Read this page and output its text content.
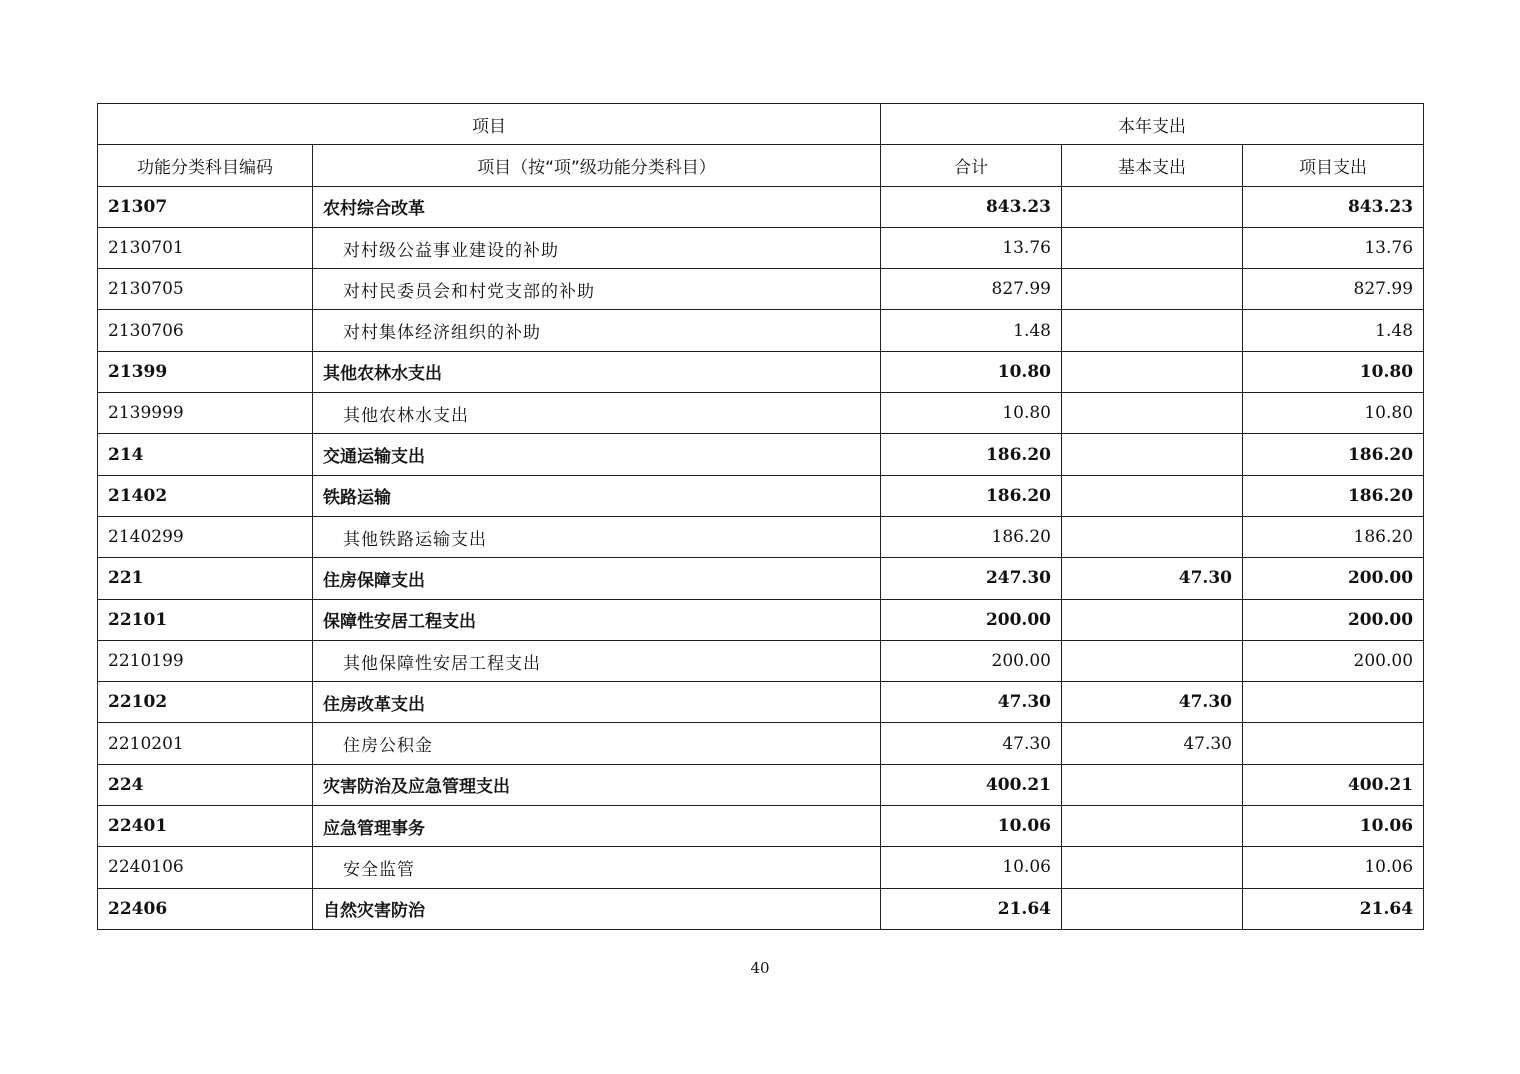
项目		本年支出		
功能分类科目编码	项目（按“项”级功能分类科目）	合计	基本支出	项目支出
21307	农村综合改革	843.23		843.23
2130701	对村级公益事业建设的补助	13.76		13.76
2130705	对村民委员会和村党支部的补助	827.99		827.99
2130706	对村集体经济组织的补助	1.48		1.48
21399	其他农林水支出	10.80		10.80
2139999	其他农林水支出	10.80		10.80
214	交通运输支出	186.20		186.20
21402	铁路运输	186.20		186.20
2140299	其他铁路运输支出	186.20		186.20
221	住房保障支出	247.30	47.30	200.00
22101	保障性安居工程支出	200.00		200.00
2210199	其他保障性安居工程支出	200.00		200.00
22102	住房改革支出	47.30	47.30	
2210201	住房公积金	47.30	47.30	
224	灾害防治及应急管理支出	400.21		400.21
22401	应急管理事务	10.06		10.06
2240106	安全监管	10.06		10.06
22406	自然灾害防治	21.64		21.64
40
